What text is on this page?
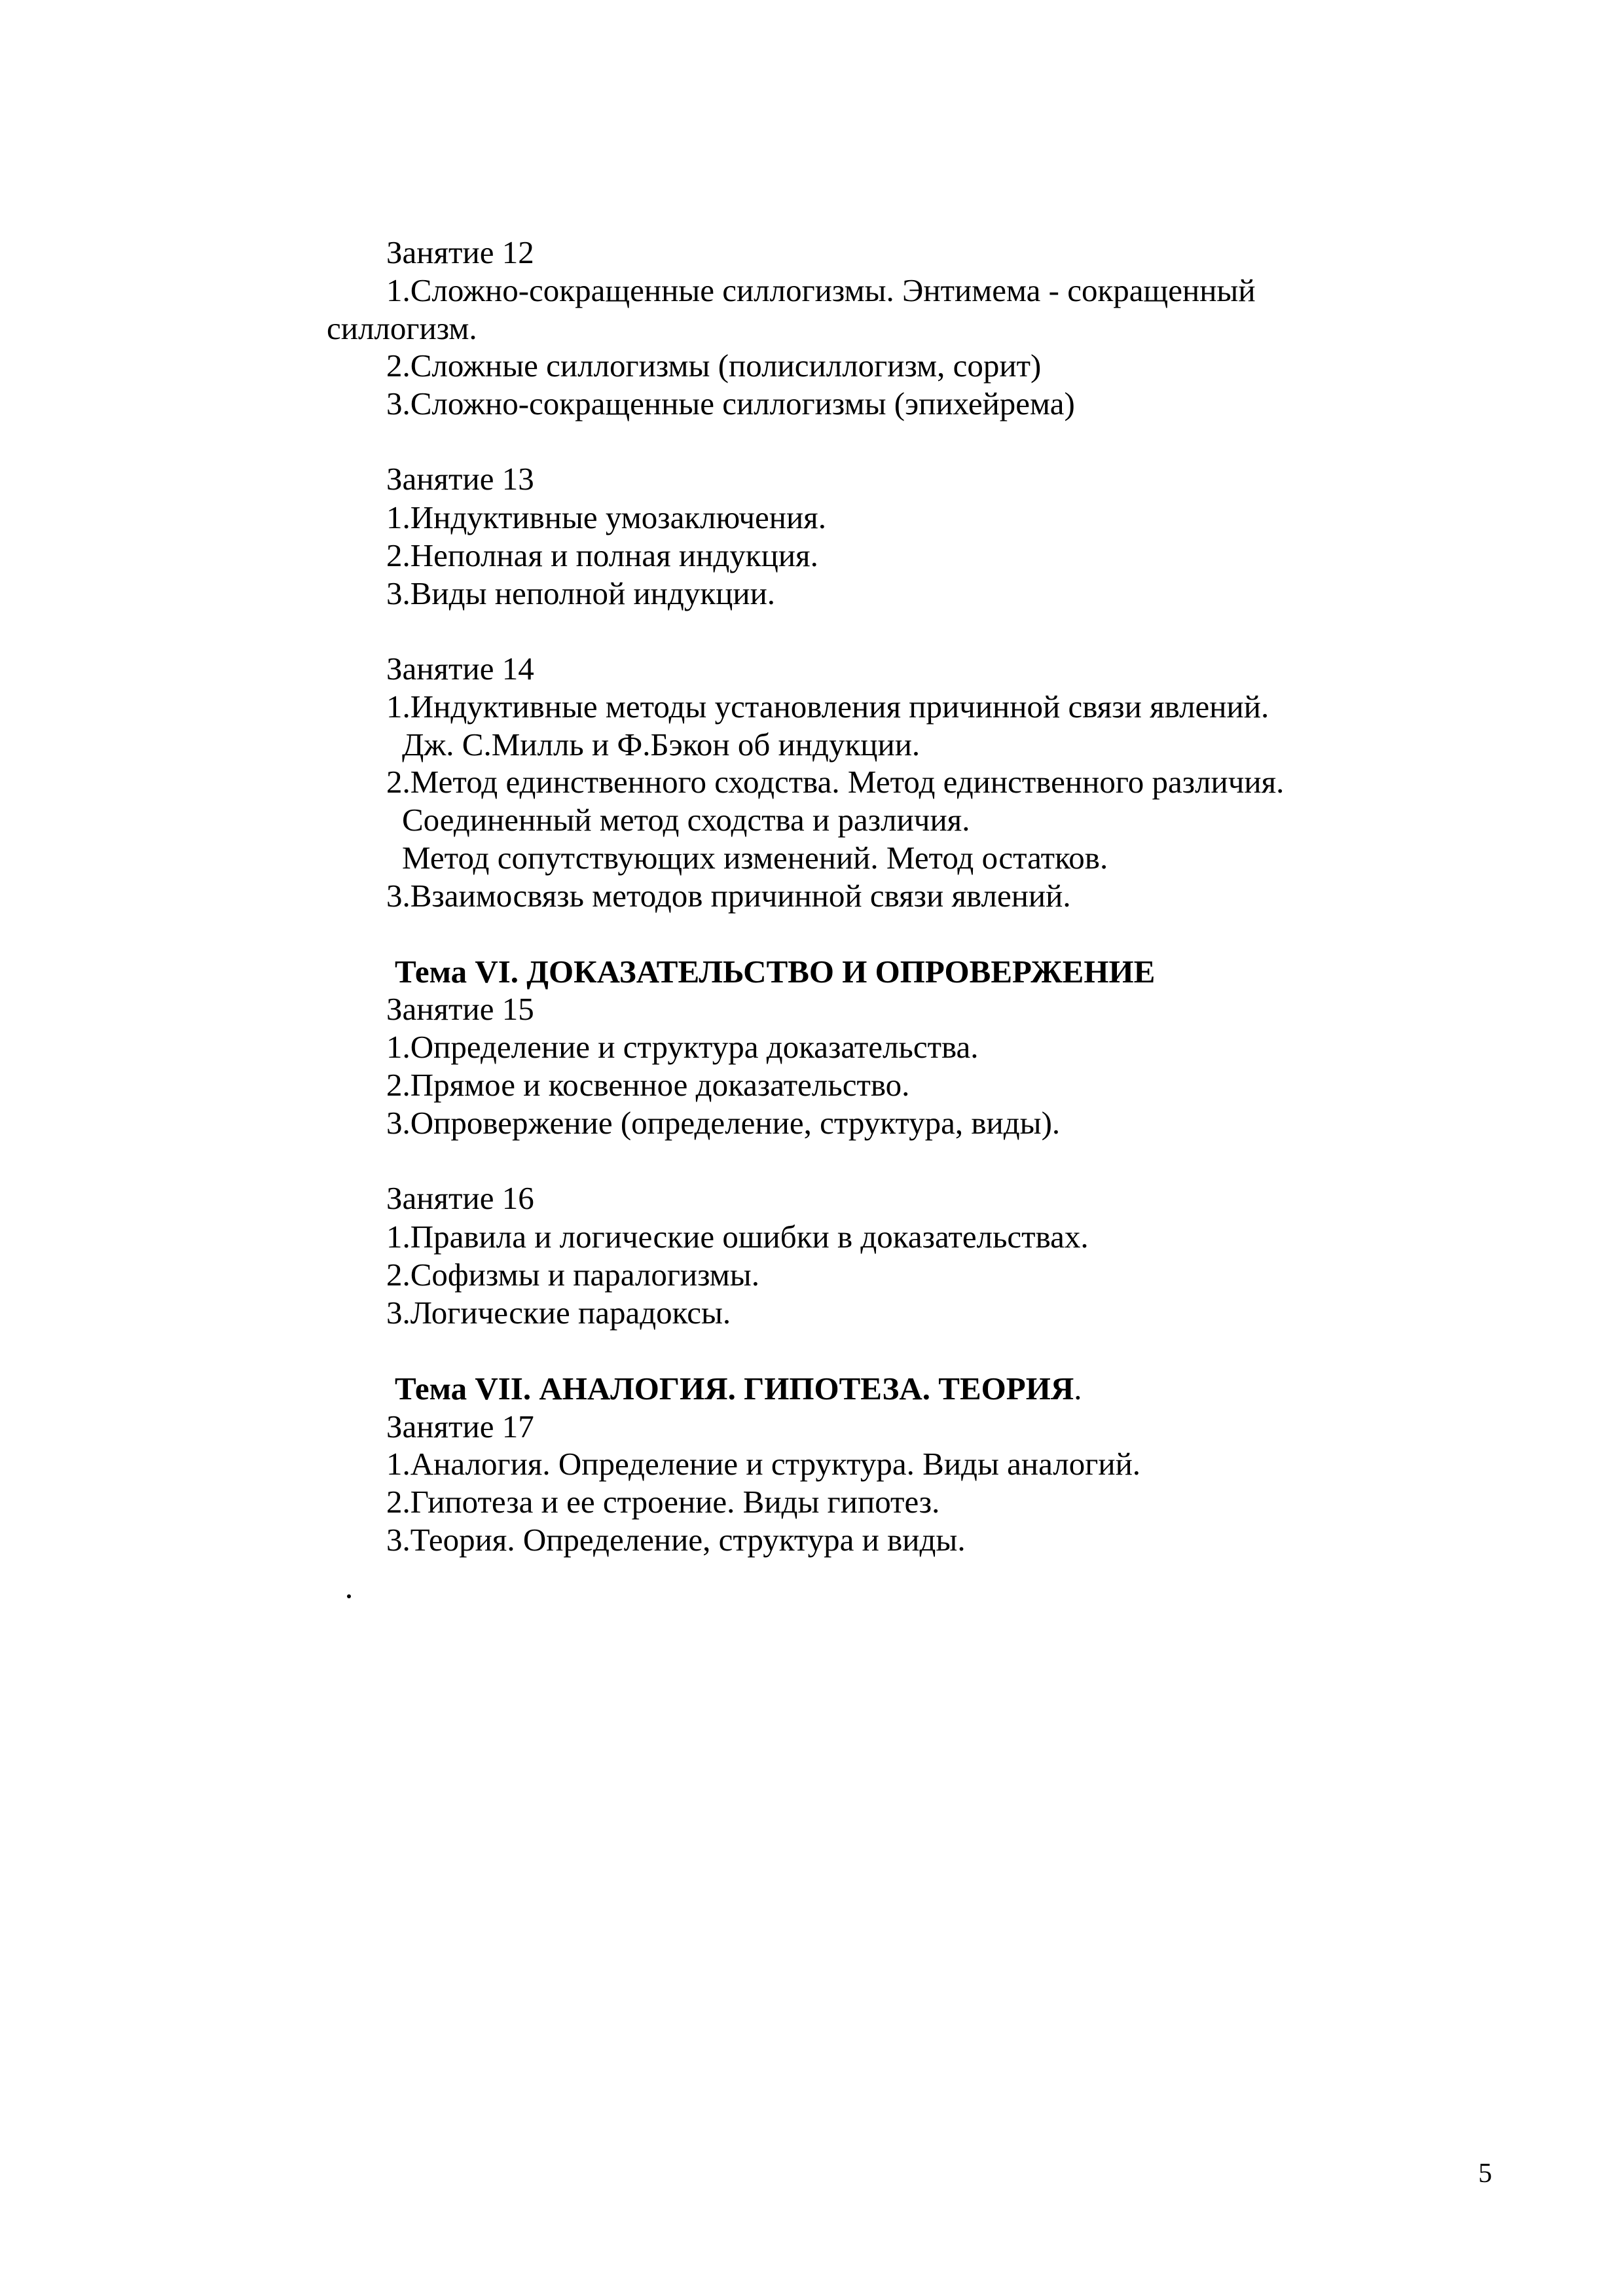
Занятие 12
1.Сложно-сокращенные силлогизмы. Энтимема - сокращенный
силлогизм.
2.Сложные силлогизмы (полисиллогизм, сорит)
3.Сложно-сокращенные силлогизмы (эпихейрема)
Занятие 13
1.Индуктивные умозаключения.
2.Неполная и полная индукция.
3.Виды неполной индукции.
Занятие 14
1.Индуктивные методы установления причинной связи явлений.
Дж. С.Милль и Ф.Бэкон об индукции.
2.Метод единственного сходства. Метод единственного различия.
Соединенный метод сходства и различия.
Метод сопутствующих изменений. Метод остатков.
3.Взаимосвязь методов причинной связи явлений.
Тема VI. ДОКАЗАТЕЛЬСТВО И ОПРОВЕРЖЕНИЕ
Занятие 15
1.Определение и структура доказательства.
2.Прямое и косвенное доказательство.
3.Опровержение (определение, структура, виды).
Занятие 16
1.Правила и логические ошибки в доказательствах.
2.Софизмы и паралогизмы.
3.Логические парадоксы.
Тема VII. АНАЛОГИЯ. ГИПОТЕЗА. ТЕОРИЯ.
Занятие 17
1.Аналогия. Определение и структура. Виды аналогий.
2.Гипотеза и ее строение. Виды гипотез.
3.Теория. Определение, структура и виды.
5
